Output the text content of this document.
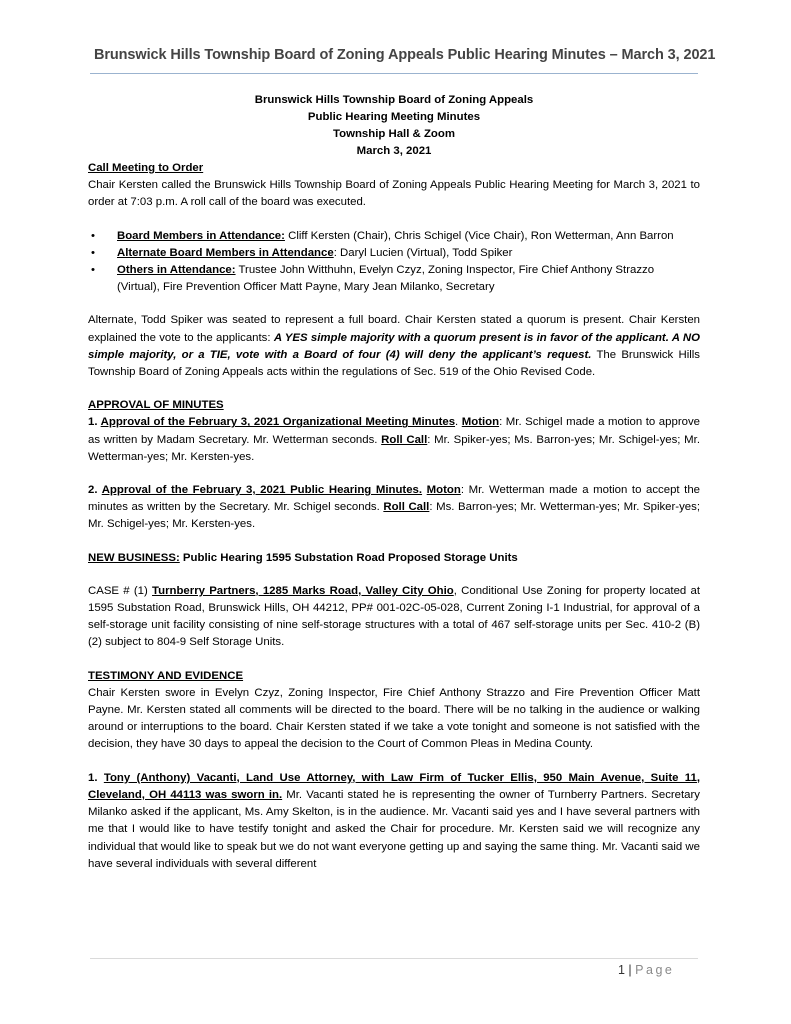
Brunswick Hills Township Board of Zoning Appeals Public Hearing Minutes – March 3, 2021
Brunswick Hills Township Board of Zoning Appeals
Public Hearing Meeting Minutes
Township Hall & Zoom
March 3, 2021

Call Meeting to Order

Chair Kersten called the Brunswick Hills Township Board of Zoning Appeals Public Hearing Meeting for March 3, 2021 to order at 7:03 p.m. A roll call of the board was executed.

• Board Members in Attendance: Cliff Kersten (Chair), Chris Schigel (Vice Chair), Ron Wetterman, Ann Barron
• Alternate Board Members in Attendance: Daryl Lucien (Virtual), Todd Spiker
• Others in Attendance: Trustee John Witthuhn, Evelyn Czyz, Zoning Inspector, Fire Chief Anthony Strazzo (Virtual), Fire Prevention Officer Matt Payne, Mary Jean Milanko, Secretary

Alternate, Todd Spiker was seated to represent a full board. Chair Kersten stated a quorum is present. Chair Kersten explained the vote to the applicants: A YES simple majority with a quorum present is in favor of the applicant. A NO simple majority, or a TIE, vote with a Board of four (4) will deny the applicant’s request. The Brunswick Hills Township Board of Zoning Appeals acts within the regulations of Sec. 519 of the Ohio Revised Code.

APPROVAL OF MINUTES

1. Approval of the February 3, 2021 Organizational Meeting Minutes. Motion: Mr. Schigel made a motion to approve as written by Madam Secretary. Mr. Wetterman seconds. Roll Call: Mr. Spiker-yes; Ms. Barron-yes; Mr. Schigel-yes; Mr. Wetterman-yes; Mr. Kersten-yes.

2. Approval of the February 3, 2021 Public Hearing Minutes. Moton: Mr. Wetterman made a motion to accept the minutes as written by the Secretary. Mr. Schigel seconds. Roll Call: Ms. Barron-yes; Mr. Wetterman-yes; Mr. Spiker-yes; Mr. Schigel-yes; Mr. Kersten-yes.

NEW BUSINESS: Public Hearing 1595 Substation Road Proposed Storage Units

CASE # (1) Turnberry Partners, 1285 Marks Road, Valley City Ohio, Conditional Use Zoning for property located at 1595 Substation Road, Brunswick Hills, OH 44212, PP# 001-02C-05-028, Current Zoning I-1 Industrial, for approval of a self-storage unit facility consisting of nine self-storage structures with a total of 467 self-storage units per Sec. 410-2 (B) (2) subject to 804-9 Self Storage Units.

TESTIMONY AND EVIDENCE

Chair Kersten swore in Evelyn Czyz, Zoning Inspector, Fire Chief Anthony Strazzo and Fire Prevention Officer Matt Payne. Mr. Kersten stated all comments will be directed to the board. There will be no talking in the audience or walking around or interruptions to the board. Chair Kersten stated if we take a vote tonight and someone is not satisfied with the decision, they have 30 days to appeal the decision to the Court of Common Pleas in Medina County.

1. Tony (Anthony) Vacanti, Land Use Attorney, with Law Firm of Tucker Ellis, 950 Main Avenue, Suite 11, Cleveland, OH 44113 was sworn in. Mr. Vacanti stated he is representing the owner of Turnberry Partners. Secretary Milanko asked if the applicant, Ms. Amy Skelton, is in the audience. Mr. Vacanti said yes and I have several partners with me that I would like to have testify tonight and asked the Chair for procedure. Mr. Kersten said we will recognize any individual that would like to speak but we do not want everyone getting up and saying the same thing. Mr. Vacanti said we have several individuals with several different

1 | Page
